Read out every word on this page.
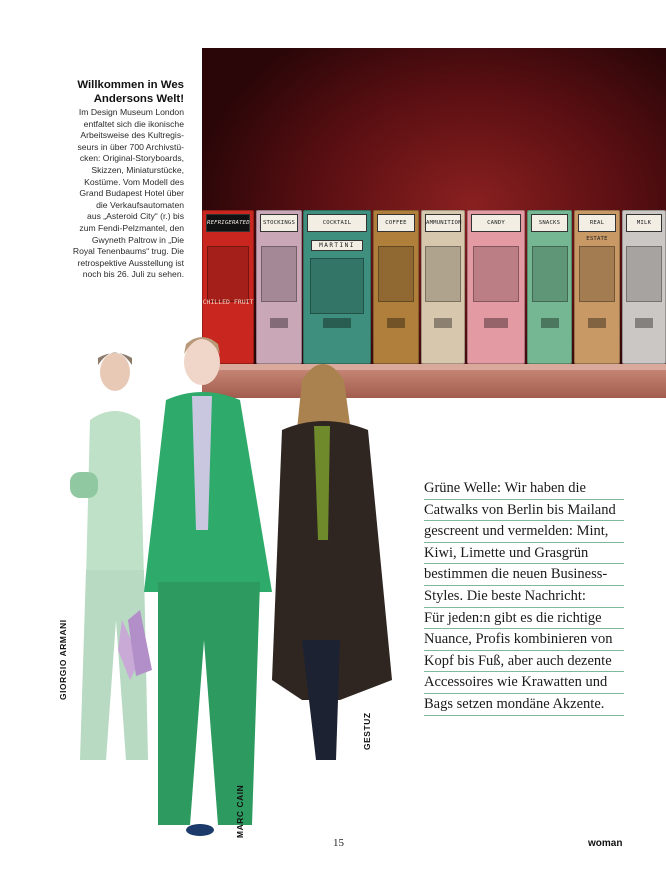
Willkommen in Wes
Andersons Welt!

Im Design Museum London
entfaltet sich die ikonische
Arbeitsweise des Kultregis-
seurs in über 700 Archivstü-
cken: Original-Storyboards,
Skizzen, Miniaturstücke,
Kostüme. Vom Modell des
Grand Budapest Hotel über
die Verkaufsautomaten
aus „Asteroid City“ (r.) bis
zum Fendi-Pelzmantel, den
Gwyneth Paltrow in „Die
Royal Tenenbaums“ trug. Die
retrospektive Ausstellung ist
noch bis 26. Juli zu sehen.

REFRIGERATED
CHILLED FRUIT
STOCKINGS	COCKTAIL
MARTINI
COFFEE	AMMUNITION	CANDY	SNACKS	REAL ESTATE
MILK
GIORGIO ARMANI
MARC CAIN
GESTUZ
Grüne Welle: Wir haben die
Catwalks von Berlin bis Mailand
gescreent und vermelden: Mint,
Kiwi, Limette und Grasgrün
bestimmen die neuen Business-
Styles. Die beste Nachricht:
Für jeden:n gibt es die richtige
Nuance, Profis kombinieren von
Kopf bis Fuß, aber auch dezente
Accessoires wie Krawatten und
Bags setzen mondäne Akzente.
15	woman
